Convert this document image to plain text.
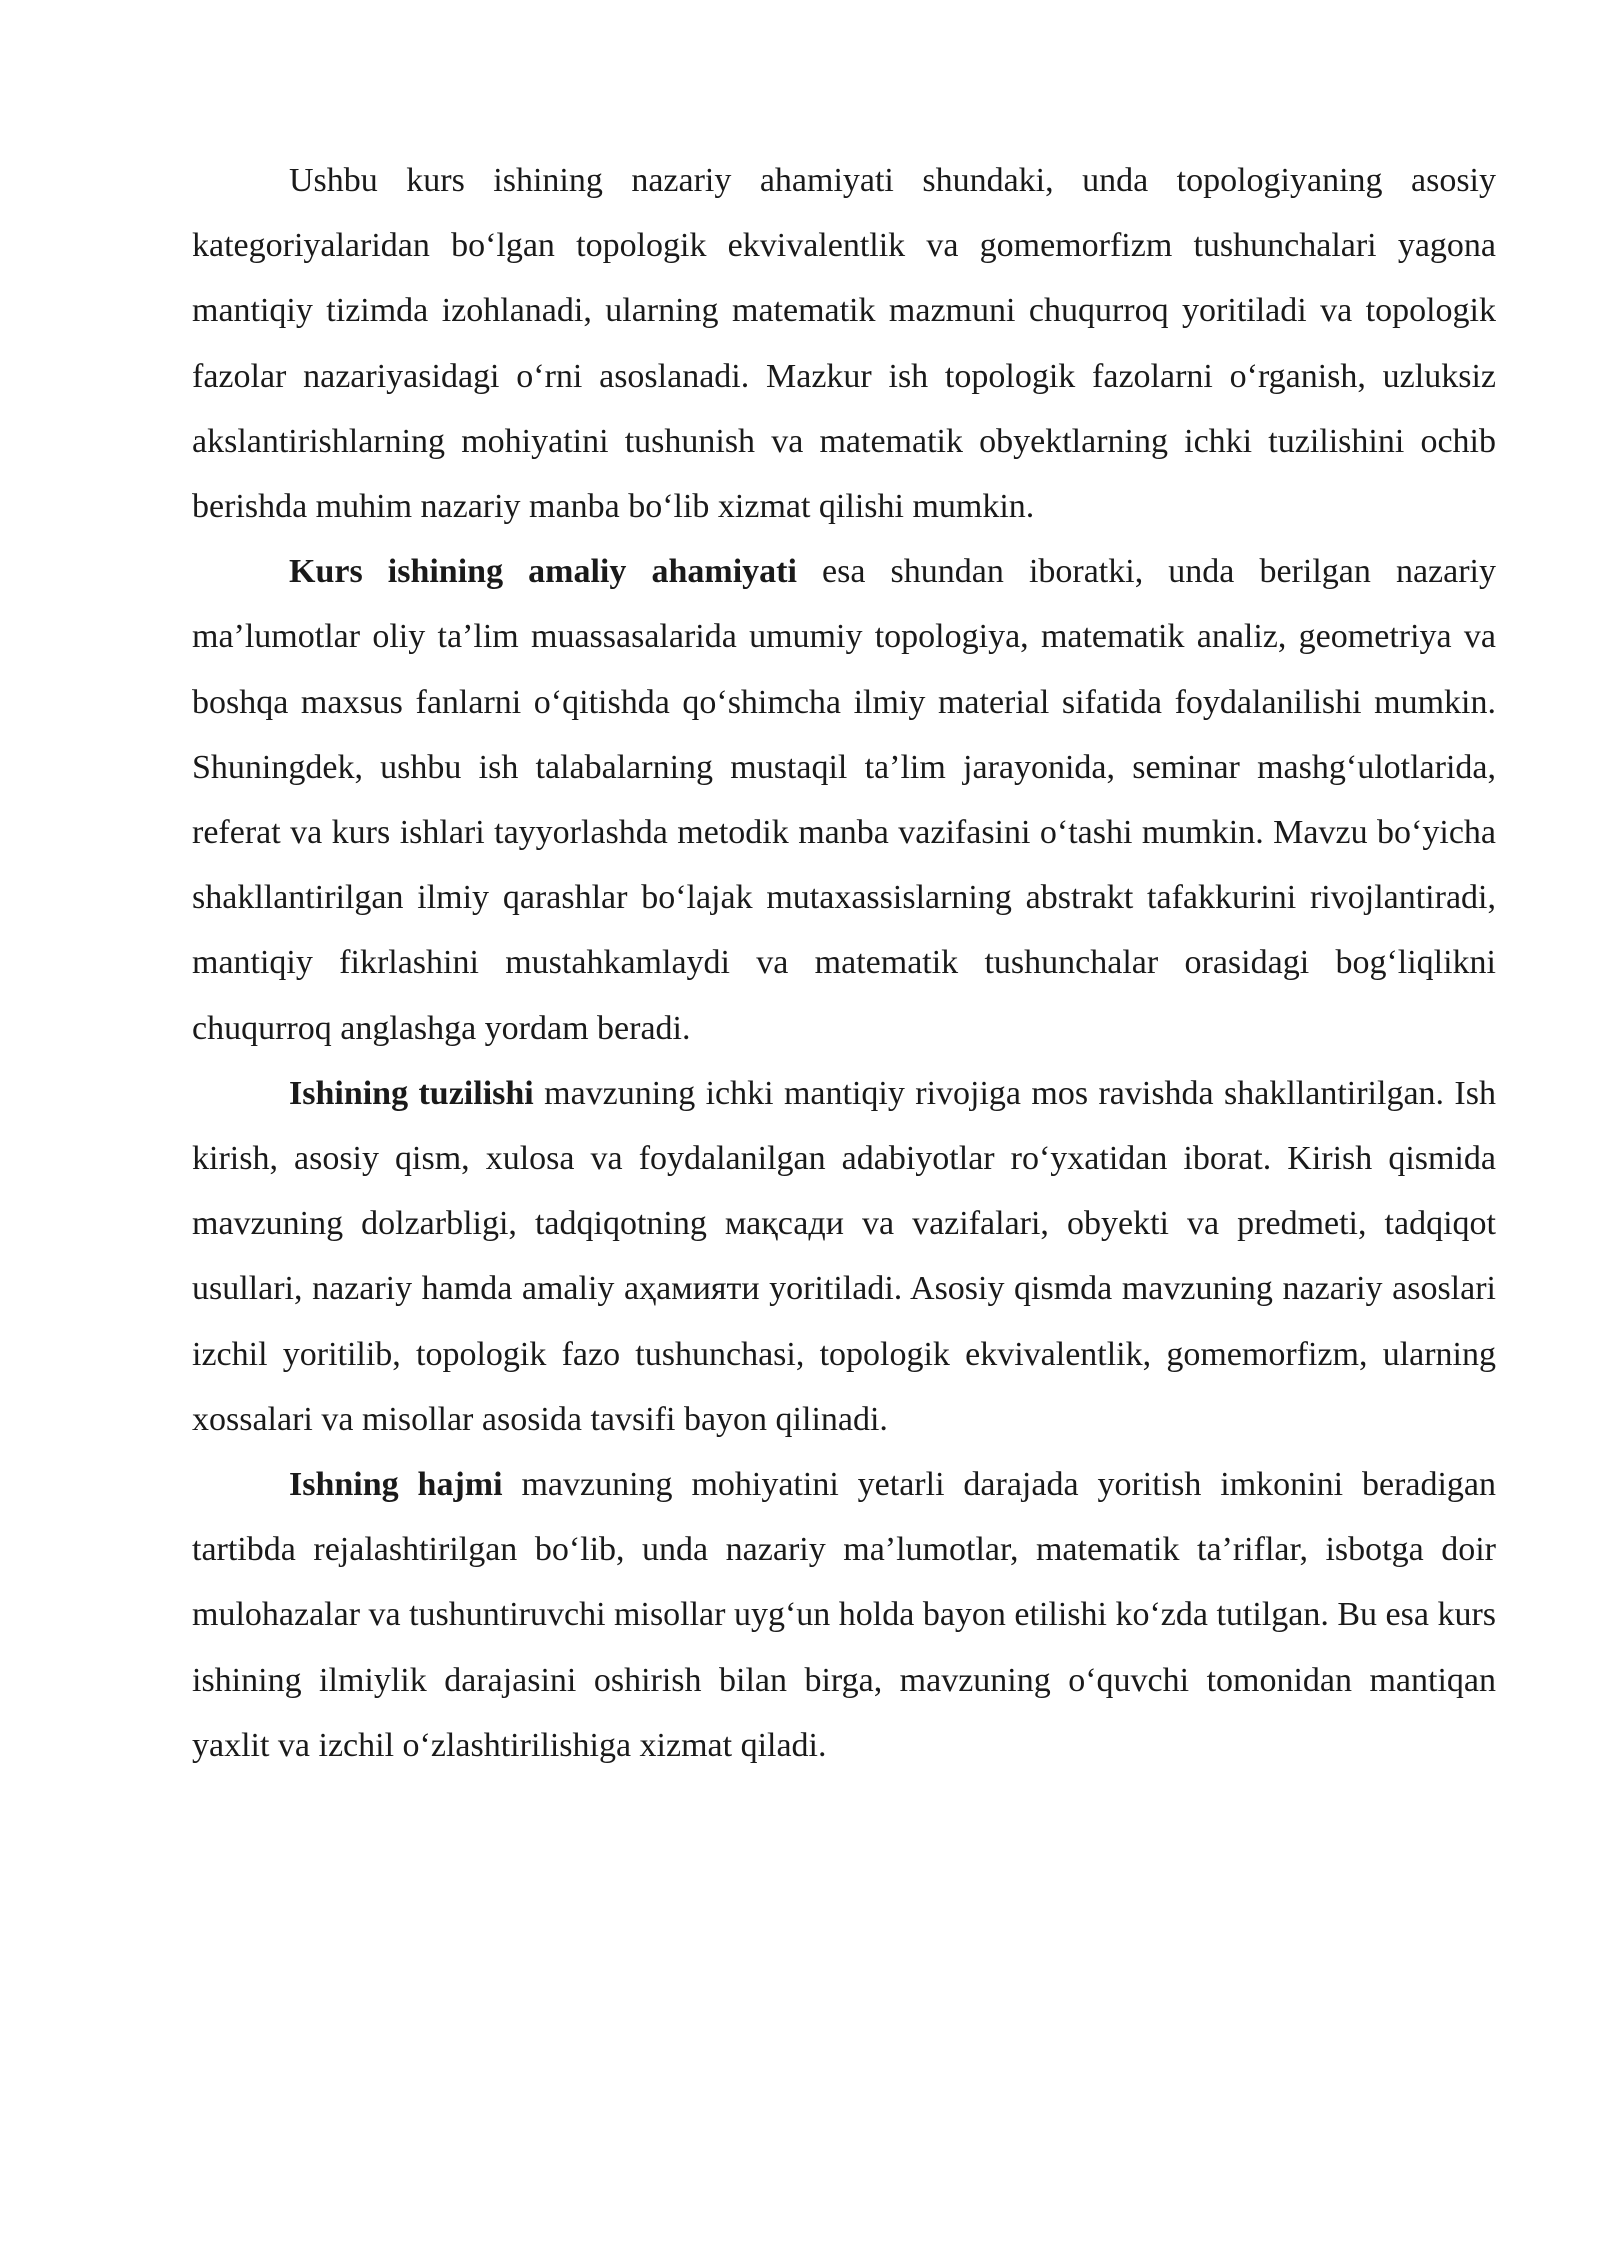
Ushbu kurs ishining nazariy ahamiyati shundaki, unda topologiyaning asosiy kategoriyalaridan bo‘lgan topologik ekvivalentlik va gomemorfizm tushunchalari yagona mantiqiy tizimda izohlanadi, ularning matematik mazmuni chuqurroq yoritiladi va topologik fazolar nazariyasidagi o‘rni asoslanadi. Mazkur ish topologik fazolarni o‘rganish, uzluksiz akslantirishlarning mohiyatini tushunish va matematik obyektlarning ichki tuzilishini ochib berishda muhim nazariy manba bo‘lib xizmat qilishi mumkin.

Kurs ishining amaliy ahamiyati esa shundan iboratki, unda berilgan nazariy ma’lumotlar oliy ta’lim muassasalarida umumiy topologiya, matematik analiz, geometriya va boshqa maxsus fanlarni o‘qitishda qo‘shimcha ilmiy material sifatida foydalanilishi mumkin. Shuningdek, ushbu ish talabalarning mustaqil ta’lim jarayonida, seminar mashg‘ulotlarida, referat va kurs ishlari tayyorlashda metodik manba vazifasini o‘tashi mumkin. Mavzu bo‘yicha shakllantirilgan ilmiy qarashlar bo‘lajak mutaxassislarning abstrakt tafakkurini rivojlantiradi, mantiqiy fikrlashini mustahkamlaydi va matematik tushunchalar orasidagi bog‘liqlikni chuqurroq anglashga yordam beradi.

Ishining tuzilishi mavzuning ichki mantiqiy rivojiga mos ravishda shakllantirilgan. Ish kirish, asosiy qism, xulosa va foydalanilgan adabiyotlar ro‘yxatidan iborat. Kirish qismida mavzuning dolzarbligi, tadqiqotning мақсади va vazifalari, obyekti va predmeti, tadqiqot usullari, nazariy hamda amaliy аҳамияти yoritiladi. Asosiy qismda mavzuning nazariy asoslari izchil yoritilib, topologik fazo tushunchasi, topologik ekvivalentlik, gomemorfizm, ularning xossalari va misollar asosida tavsifi bayon qilinadi.

Ishning hajmi mavzuning mohiyatini yetarli darajada yoritish imkonini beradigan tartibda rejalashtirilgan bo‘lib, unda nazariy ma’lumotlar, matematik ta’riflar, isbotga doir mulohazalar va tushuntiruvchi misollar uyg‘un holda bayon etilishi ko‘zda tutilgan. Bu esa kurs ishining ilmiylik darajasini oshirish bilan birga, mavzuning o‘quvchi tomonidan mantiqan yaxlit va izchil o‘zlashtirilishiga xizmat qiladi.
